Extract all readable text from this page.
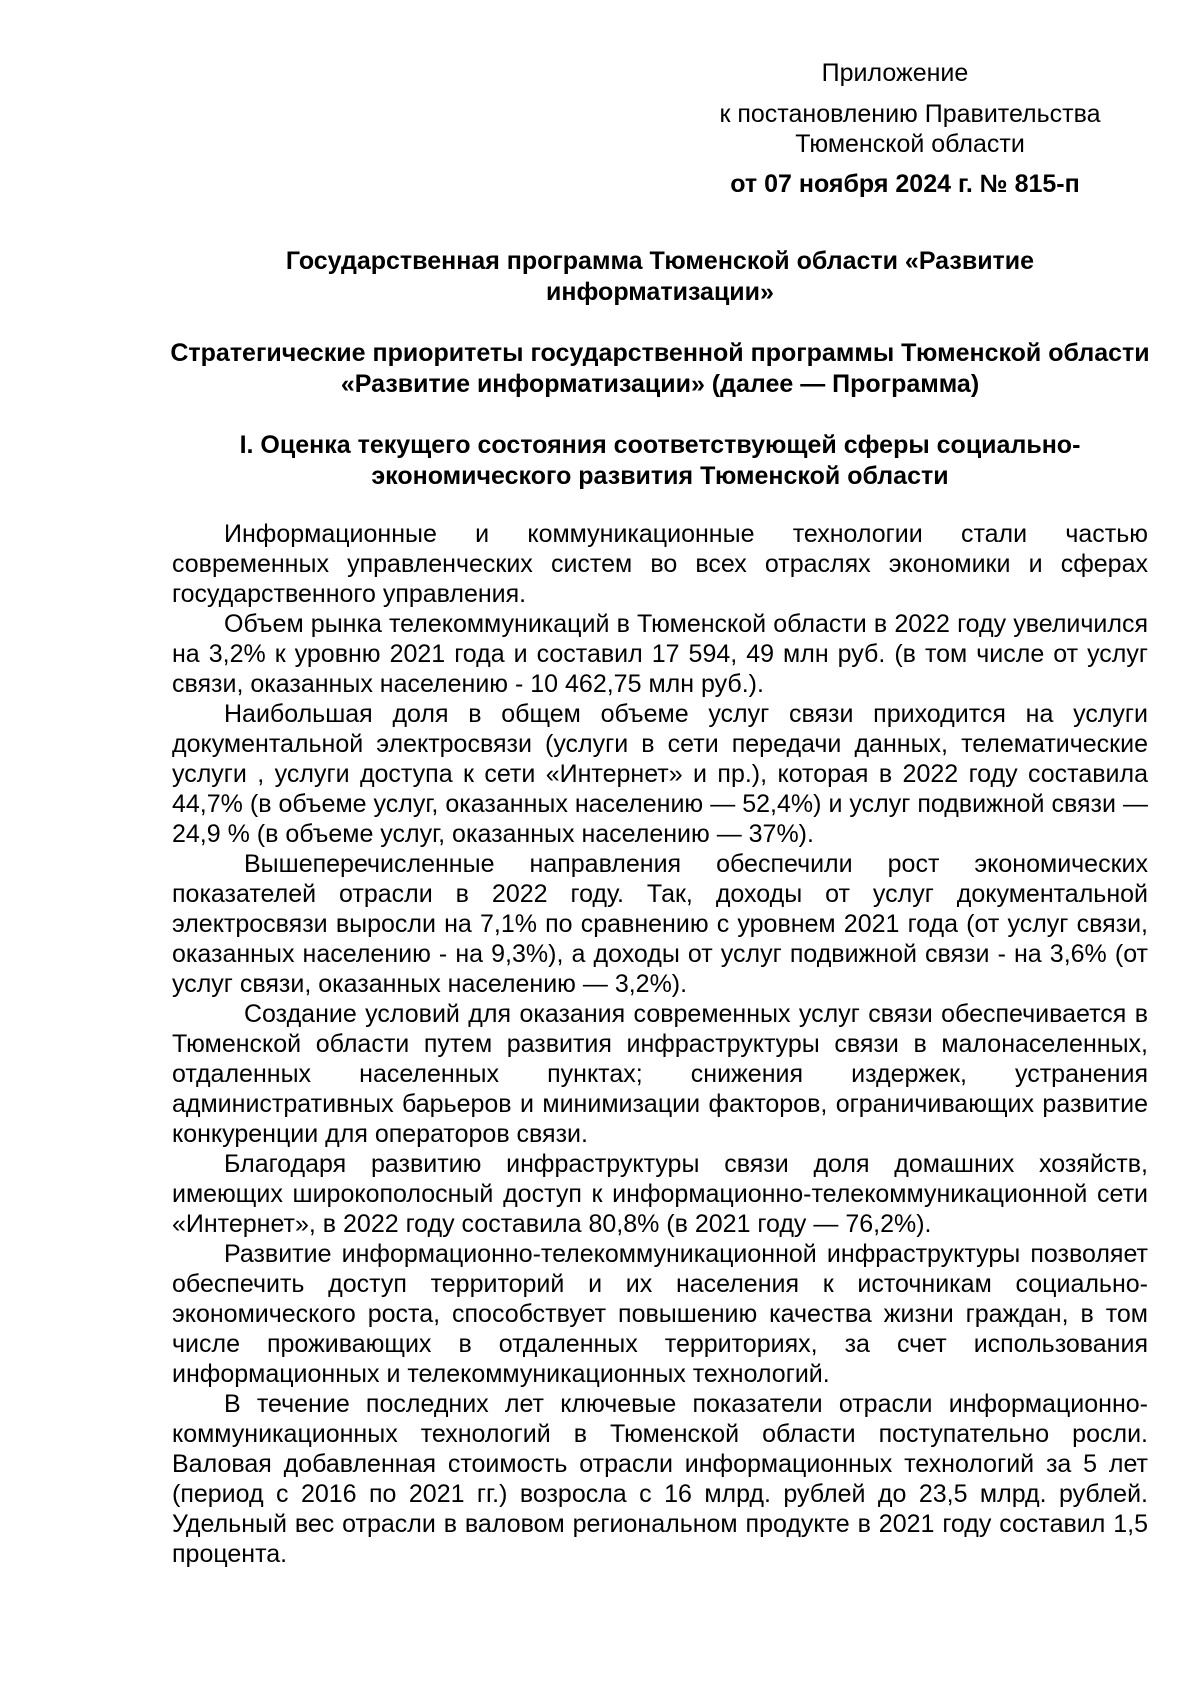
Приложение
к постановлению Правительства
Тюменской области
от 07 ноября 2024 г. № 815-п
Государственная программа Тюменской области «Развитие информатизации»
Стратегические приоритеты государственной программы Тюменской области «Развитие информатизации» (далее — Программа)
I. Оценка текущего состояния соответствующей сферы социально-экономического развития Тюменской области

Информационные и коммуникационные технологии стали частью современных управленческих систем во всех отраслях экономики и сферах государственного управления.

Объем рынка телекоммуникаций в Тюменской области в 2022 году увеличился на 3,2% к уровню 2021 года и составил 17 594, 49 млн руб. (в том числе от услуг связи, оказанных населению - 10 462,75 млн руб.).

Наибольшая доля в общем объеме услуг связи приходится на услуги документальной электросвязи (услуги в сети передачи данных, телематические услуги , услуги доступа к сети «Интернет» и пр.), которая в 2022 году составила 44,7% (в объеме услуг, оказанных населению — 52,4%) и услуг подвижной связи — 24,9 % (в объеме услуг, оказанных населению — 37%).

Вышеперечисленные направления обеспечили рост экономических показателей отрасли в 2022 году. Так, доходы от услуг документальной электросвязи выросли на 7,1% по сравнению с уровнем 2021 года (от услуг связи, оказанных населению - на 9,3%), а доходы от услуг подвижной связи - на 3,6% (от услуг связи, оказанных населению — 3,2%).

Создание условий для оказания современных услуг связи обеспечивается в Тюменской области путем развития инфраструктуры связи в малонаселенных, отдаленных населенных пунктах; снижения издержек, устранения административных барьеров и минимизации факторов, ограничивающих развитие конкуренции для операторов связи.

Благодаря развитию инфраструктуры связи доля домашних хозяйств, имеющих широкополосный доступ к информационно-телекоммуникационной сети «Интернет», в 2022 году составила 80,8% (в 2021 году — 76,2%).

Развитие информационно-телекоммуникационной инфраструктуры позволяет обеспечить доступ территорий и их населения к источникам социально-экономического роста, способствует повышению качества жизни граждан, в том числе проживающих в отдаленных территориях, за счет использования информационных и телекоммуникационных технологий.

В течение последних лет ключевые показатели отрасли информационно-коммуникационных технологий в Тюменской области поступательно росли. Валовая добавленная стоимость отрасли информационных технологий за 5 лет (период с 2016 по 2021 гг.) возросла с 16 млрд. рублей до 23,5 млрд. рублей. Удельный вес отрасли в валовом региональном продукте в 2021 году составил 1,5 процента.
